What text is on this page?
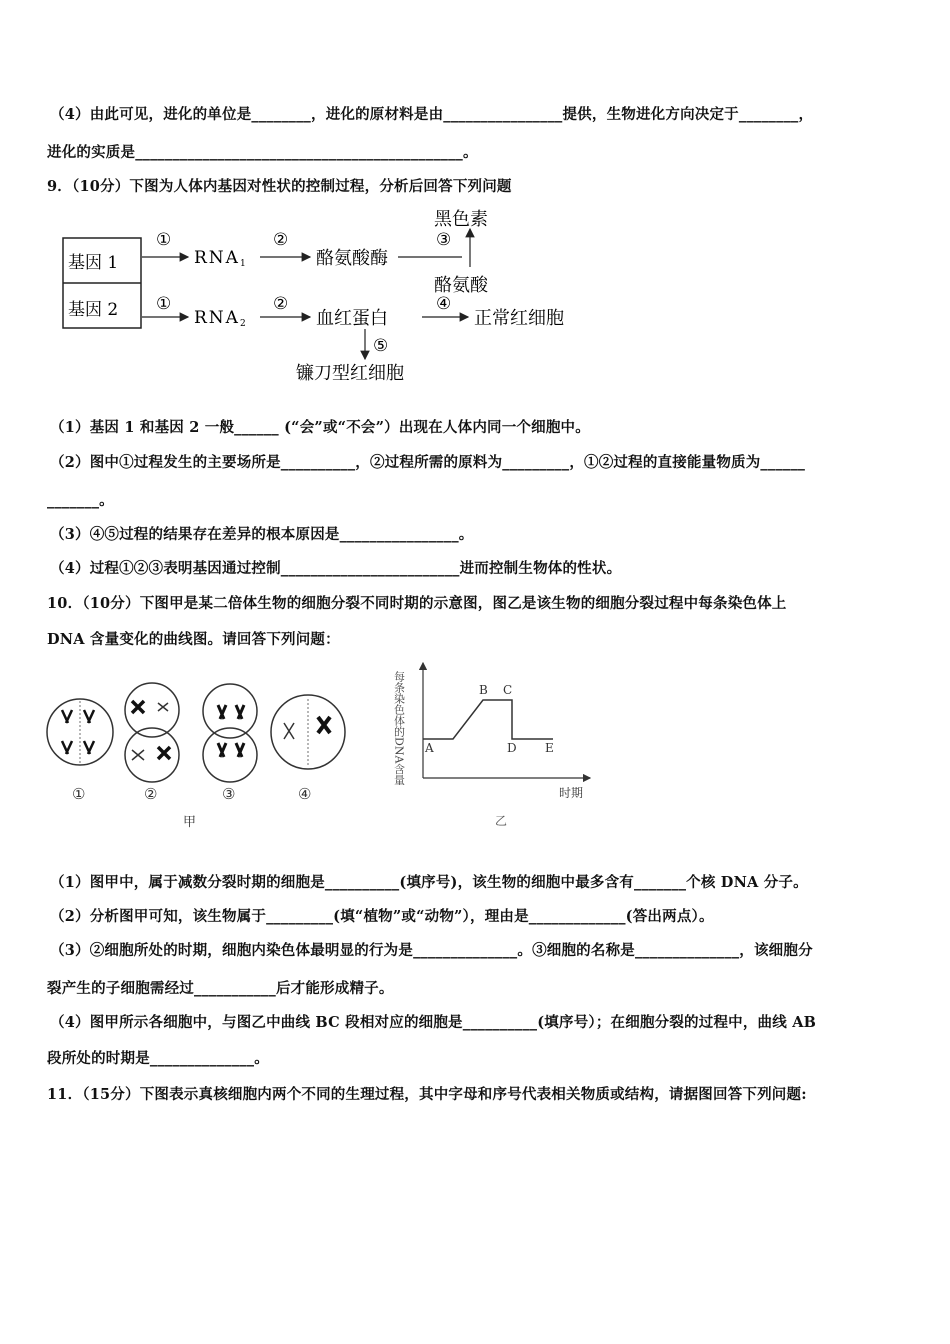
（4）由此可见，进化的单位是________，进化的原材料是由________________提供，生物进化方向决定于________，
进化的实质是____________________________________________。
9．（10分）下图为人体内基因对性状的控制过程，分析后回答下列问题
基因 1
基因 2
①
RNA1
②
酪氨酸酶
③
黑色素
酪氨酸
①
RNA2
②
血红蛋白
④
正常红细胞
⑤
镰刀型红细胞
（1）基因 1 和基因 2 一般______ (“会”或“不会”）出现在人体内同一个细胞中。
（2）图中①过程发生的主要场所是__________，②过程所需的原料为_________，①②过程的直接能量物质为______
_______。
（3）④⑤过程的结果存在差异的根本原因是________________。
（4）过程①②③表明基因通过控制________________________进而控制生物体的性状。
10．（10分）下图甲是某二倍体生物的细胞分裂不同时期的示意图，图乙是该生物的细胞分裂过程中每条染色体上
DNA 含量变化的曲线图。请回答下列问题：
①	②	③	④
甲
每条染色体的DNA含量 A
B C
D E
时期
乙
（1）图甲中，属于减数分裂时期的细胞是__________(填序号)，该生物的细胞中最多含有_______个核 DNA 分子。
（2）分析图甲可知，该生物属于_________(填“植物”或“动物”），理由是_____________(答出两点）。
（3）②细胞所处的时期，细胞内染色体最明显的行为是______________。③细胞的名称是______________，该细胞分
裂产生的子细胞需经过___________后才能形成精子。
（4）图甲所示各细胞中，与图乙中曲线 BC 段相对应的细胞是__________(填序号）；在细胞分裂的过程中，曲线 AB
段所处的时期是______________。
11．（15分）下图表示真核细胞内两个不同的生理过程，其中字母和序号代表相关物质或结构，请据图回答下列问题:
